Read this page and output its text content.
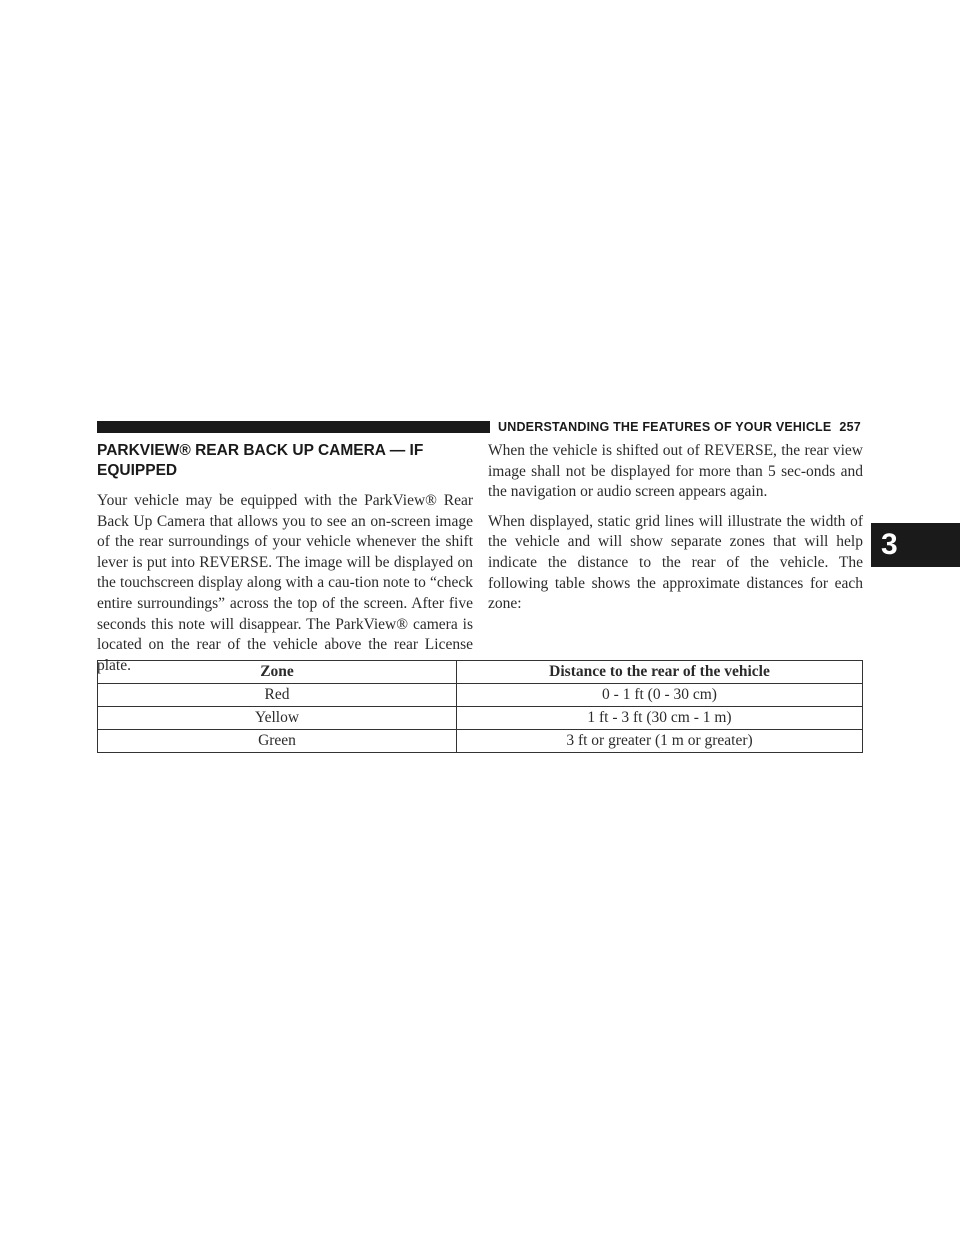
UNDERSTANDING THE FEATURES OF YOUR VEHICLE 257
3
PARKVIEW® REAR BACK UP CAMERA — IF EQUIPPED

Your vehicle may be equipped with the ParkView® Rear Back Up Camera that allows you to see an on-screen image of the rear surroundings of your vehicle whenever the shift lever is put into REVERSE. The image will be displayed on the touchscreen display along with a cau-tion note to “check entire surroundings” across the top of the screen. After five seconds this note will disappear. The ParkView® camera is located on the rear of the vehicle above the rear License plate.

When the vehicle is shifted out of REVERSE, the rear view image shall not be displayed for more than 5 sec-onds and the navigation or audio screen appears again.

When displayed, static grid lines will illustrate the width of the vehicle and will show separate zones that will help indicate the distance to the rear of the vehicle. The following table shows the approximate distances for each zone:

Zone	Distance to the rear of the vehicle
Red	0 - 1 ft (0 - 30 cm)
Yellow	1 ft - 3 ft (30 cm - 1 m)
Green	3 ft or greater (1 m or greater)
